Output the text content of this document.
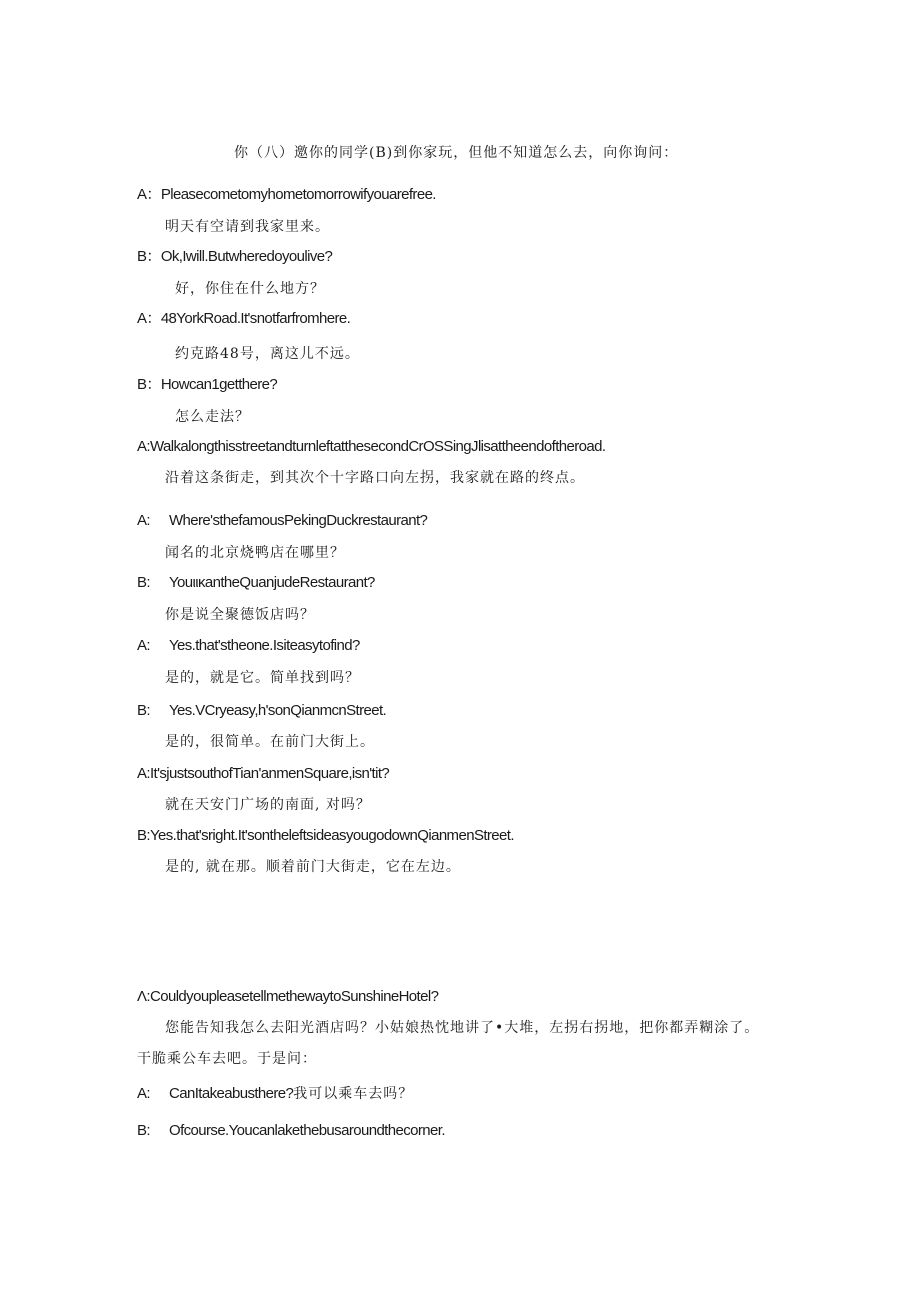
你（八）邀你的同学(B)到你家玩，但他不知道怎么去，向你询问：
A：Pleasecometomyhometomorrowifyouarefree.
明天有空请到我家里来。
B：Ok,Iwill.Butwheredoyoulive?
好，你住在什么地方？
A：48YorkRoad.It'snotfarfromhere.
约克路48号，离这儿不远。
B：Howcan1getthere?
怎么走法？
A:WalkalongthisstreetandturnleftatthesecondCrOSSingJlisattheendoftheroad.
沿着这条街走，到其次个十字路口向左拐，我家就在路的终点。
A: Where'sthefamousPekingDuckrestaurant?
闻名的北京烧鸭店在哪里？
B: YouιικantheQuanjudeRestaurant?
你是说全聚德饭店吗？
A: Yes.that'stheone.Isiteasytofind?
是的，就是它。简单找到吗？
B: Yes.VCryeasy,h'sonQianmcnStreet.
是的，很简单。在前门大街上。
A:It'sjustsouthofTian'anmenSquare,isn'tit?
就在天安门广场的南面, 对吗？
B:Yes.that'sright.It'sontheleftsideasyougodownQianmenStreet.
是的, 就在那。顺着前门大街走，它在左边。
Λ:CouldyoupleasetellmethewaytoSunshineHotel?
您能告知我怎么去阳光酒店吗？小姑娘热忱地讲了•大堆，左拐右拐地，把你都弄糊涂了。
干脆乘公车去吧。于是问：
A: CanItakeabusthere?我可以乘车去吗？
B: Ofcourse.Youcanlakethebusaroundthecorner.
